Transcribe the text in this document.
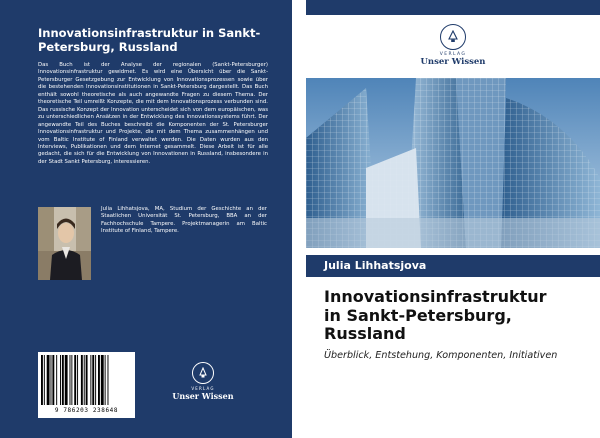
Innovationsinfrastruktur in Sankt-Petersburg, Russland
Das Buch ist der Analyse der regionalen (Sankt-Petersburger) Innovationsinfrastruktur gewidmet. Es wird eine Übersicht über die Sankt-Petersburger Gesetzgebung zur Entwicklung von Innovationsprozessen sowie über die bestehenden Innovationsinstitutionen in Sankt-Petersburg dargestellt. Das Buch enthält sowohl theoretische als auch angewandte Fragen zu diesem Thema. Der theoretische Teil umreißt Konzepte, die mit dem Innovationsprozess verbunden sind. Das russische Konzept der Innovation unterscheidet sich von dem europäischen, was zu unterschiedlichen Ansätzen in der Entwicklung des Innovationssystems führt. Der angewandte Teil des Buches beschreibt die Komponenten der St. Petersburger Innovationsinfrastruktur und Projekte, die mit dem Thema zusammenhängen und vom Baltic Institute of Finland verwaltet werden. Die Daten wurden aus den Interviews, Publikationen und dem Internet gesammelt. Diese Arbeit ist für alle gedacht, die sich für die Entwicklung von Innovationen in Russland, insbesondere in der Stadt Sankt Petersburg, interessieren.
Julia Lihhatsjova, MA, Studium der Geschichte an der Staatlichen Universität St. Petersburg, BBA an der Fachhochschule Tampere. Projektmanagerin am Baltic Institute of Finland, Tampere.
9 786203 238648
VERLAG
Unser Wissen
VERLAG
Unser Wissen
Julia Lihhatsjova
Innovationsinfrastruktur
in Sankt-Petersburg,
Russland
Überblick, Entstehung, Komponenten, Initiativen
